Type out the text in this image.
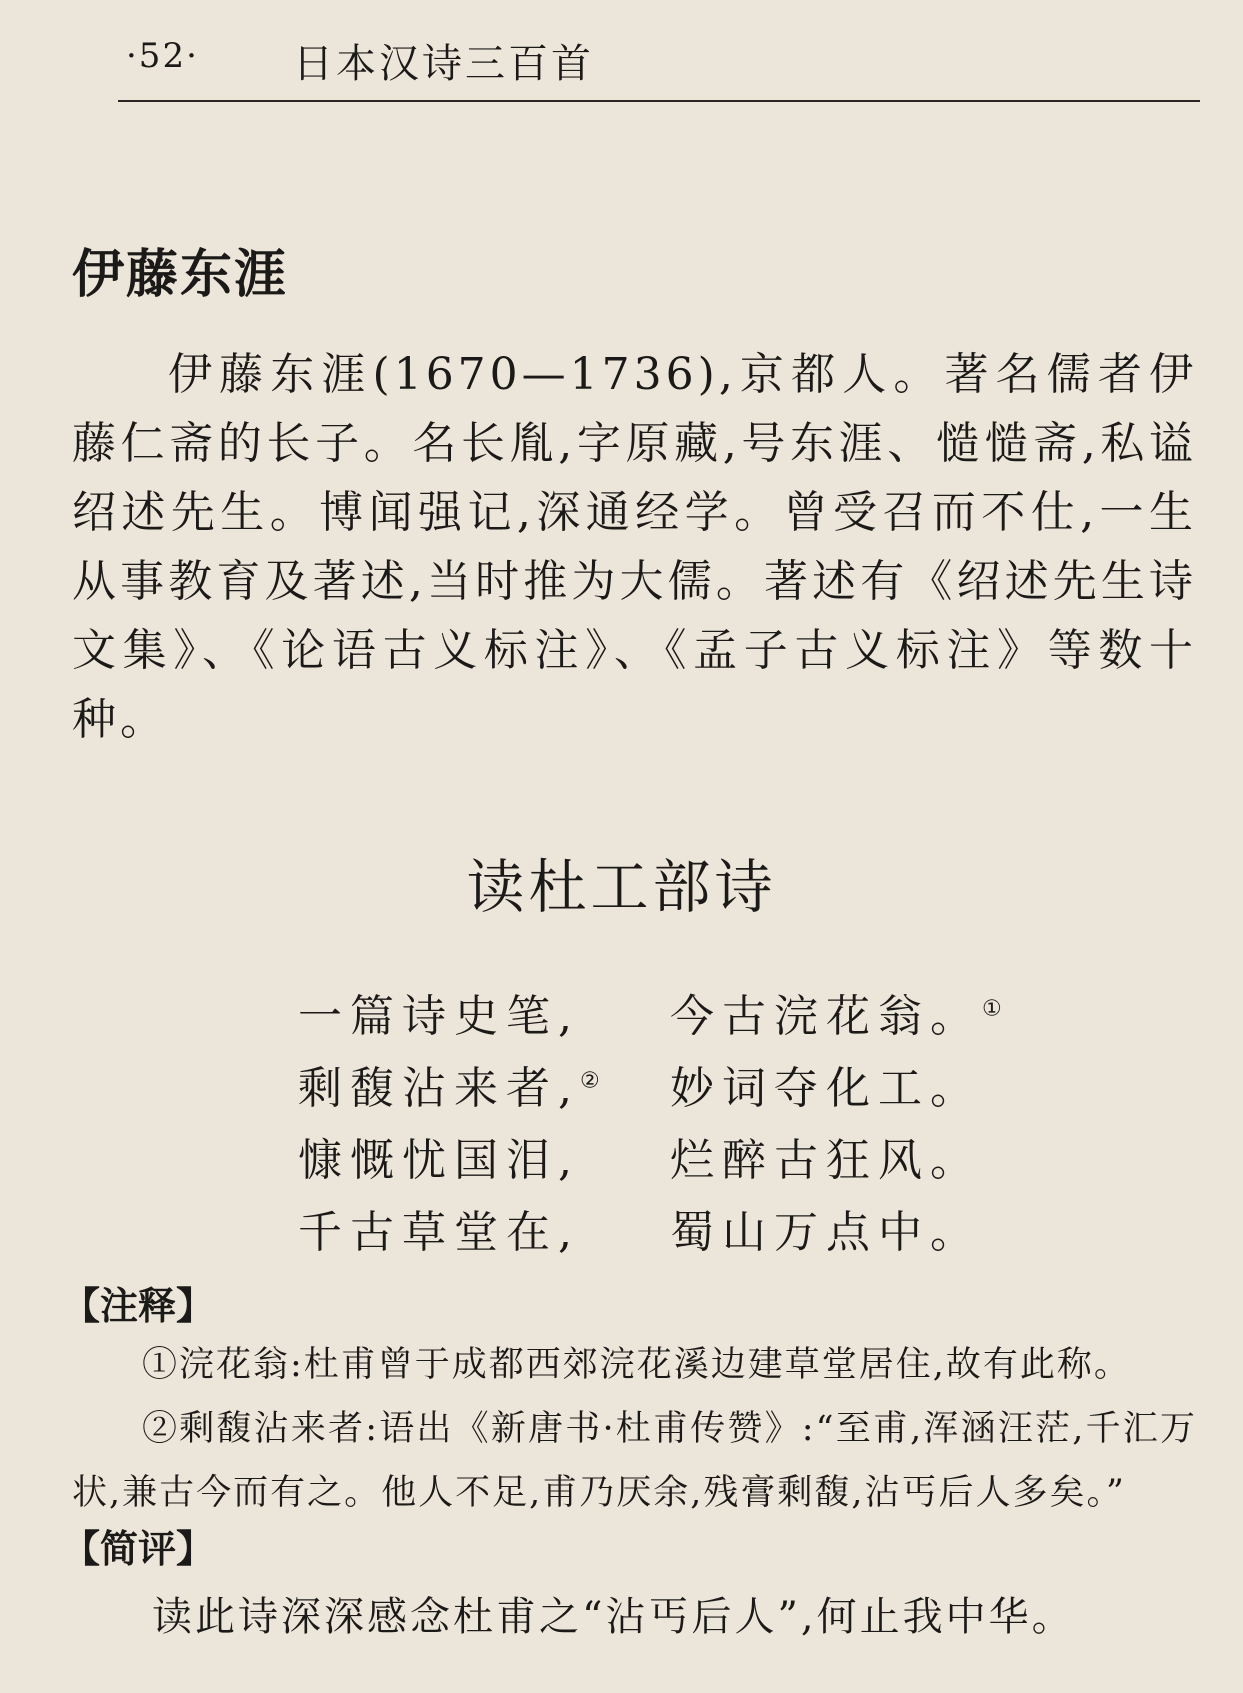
·52· 日本汉诗三百首
伊藤东涯

伊藤东涯(1670—1736),京都人。著名儒者伊藤仁斋的长子。名长胤,字原藏,号东涯、慥慥斋,私谥绍述先生。博闻强记,深通经学。曾受召而不仕,一生从事教育及著述,当时推为大儒。著述有《绍述先生诗文集》、《论语古义标注》、《孟子古义标注》等数十种。

读杜工部诗
一篇诗史笔, 今古浣花翁。①
剩馥沾来者,② 妙词夺化工。
慷慨忧国泪, 烂醉古狂风。
千古草堂在, 蜀山万点中。
【注释】

①浣花翁:杜甫曾于成都西郊浣花溪边建草堂居住,故有此称。

②剩馥沾来者:语出《新唐书·杜甫传赞》:“至甫,浑涵汪茫,千汇万状,兼古今而有之。他人不足,甫乃厌余,残膏剩馥,沾丐后人多矣。”

【简评】

读此诗深深感念杜甫之“沾丐后人”,何止我中华。
